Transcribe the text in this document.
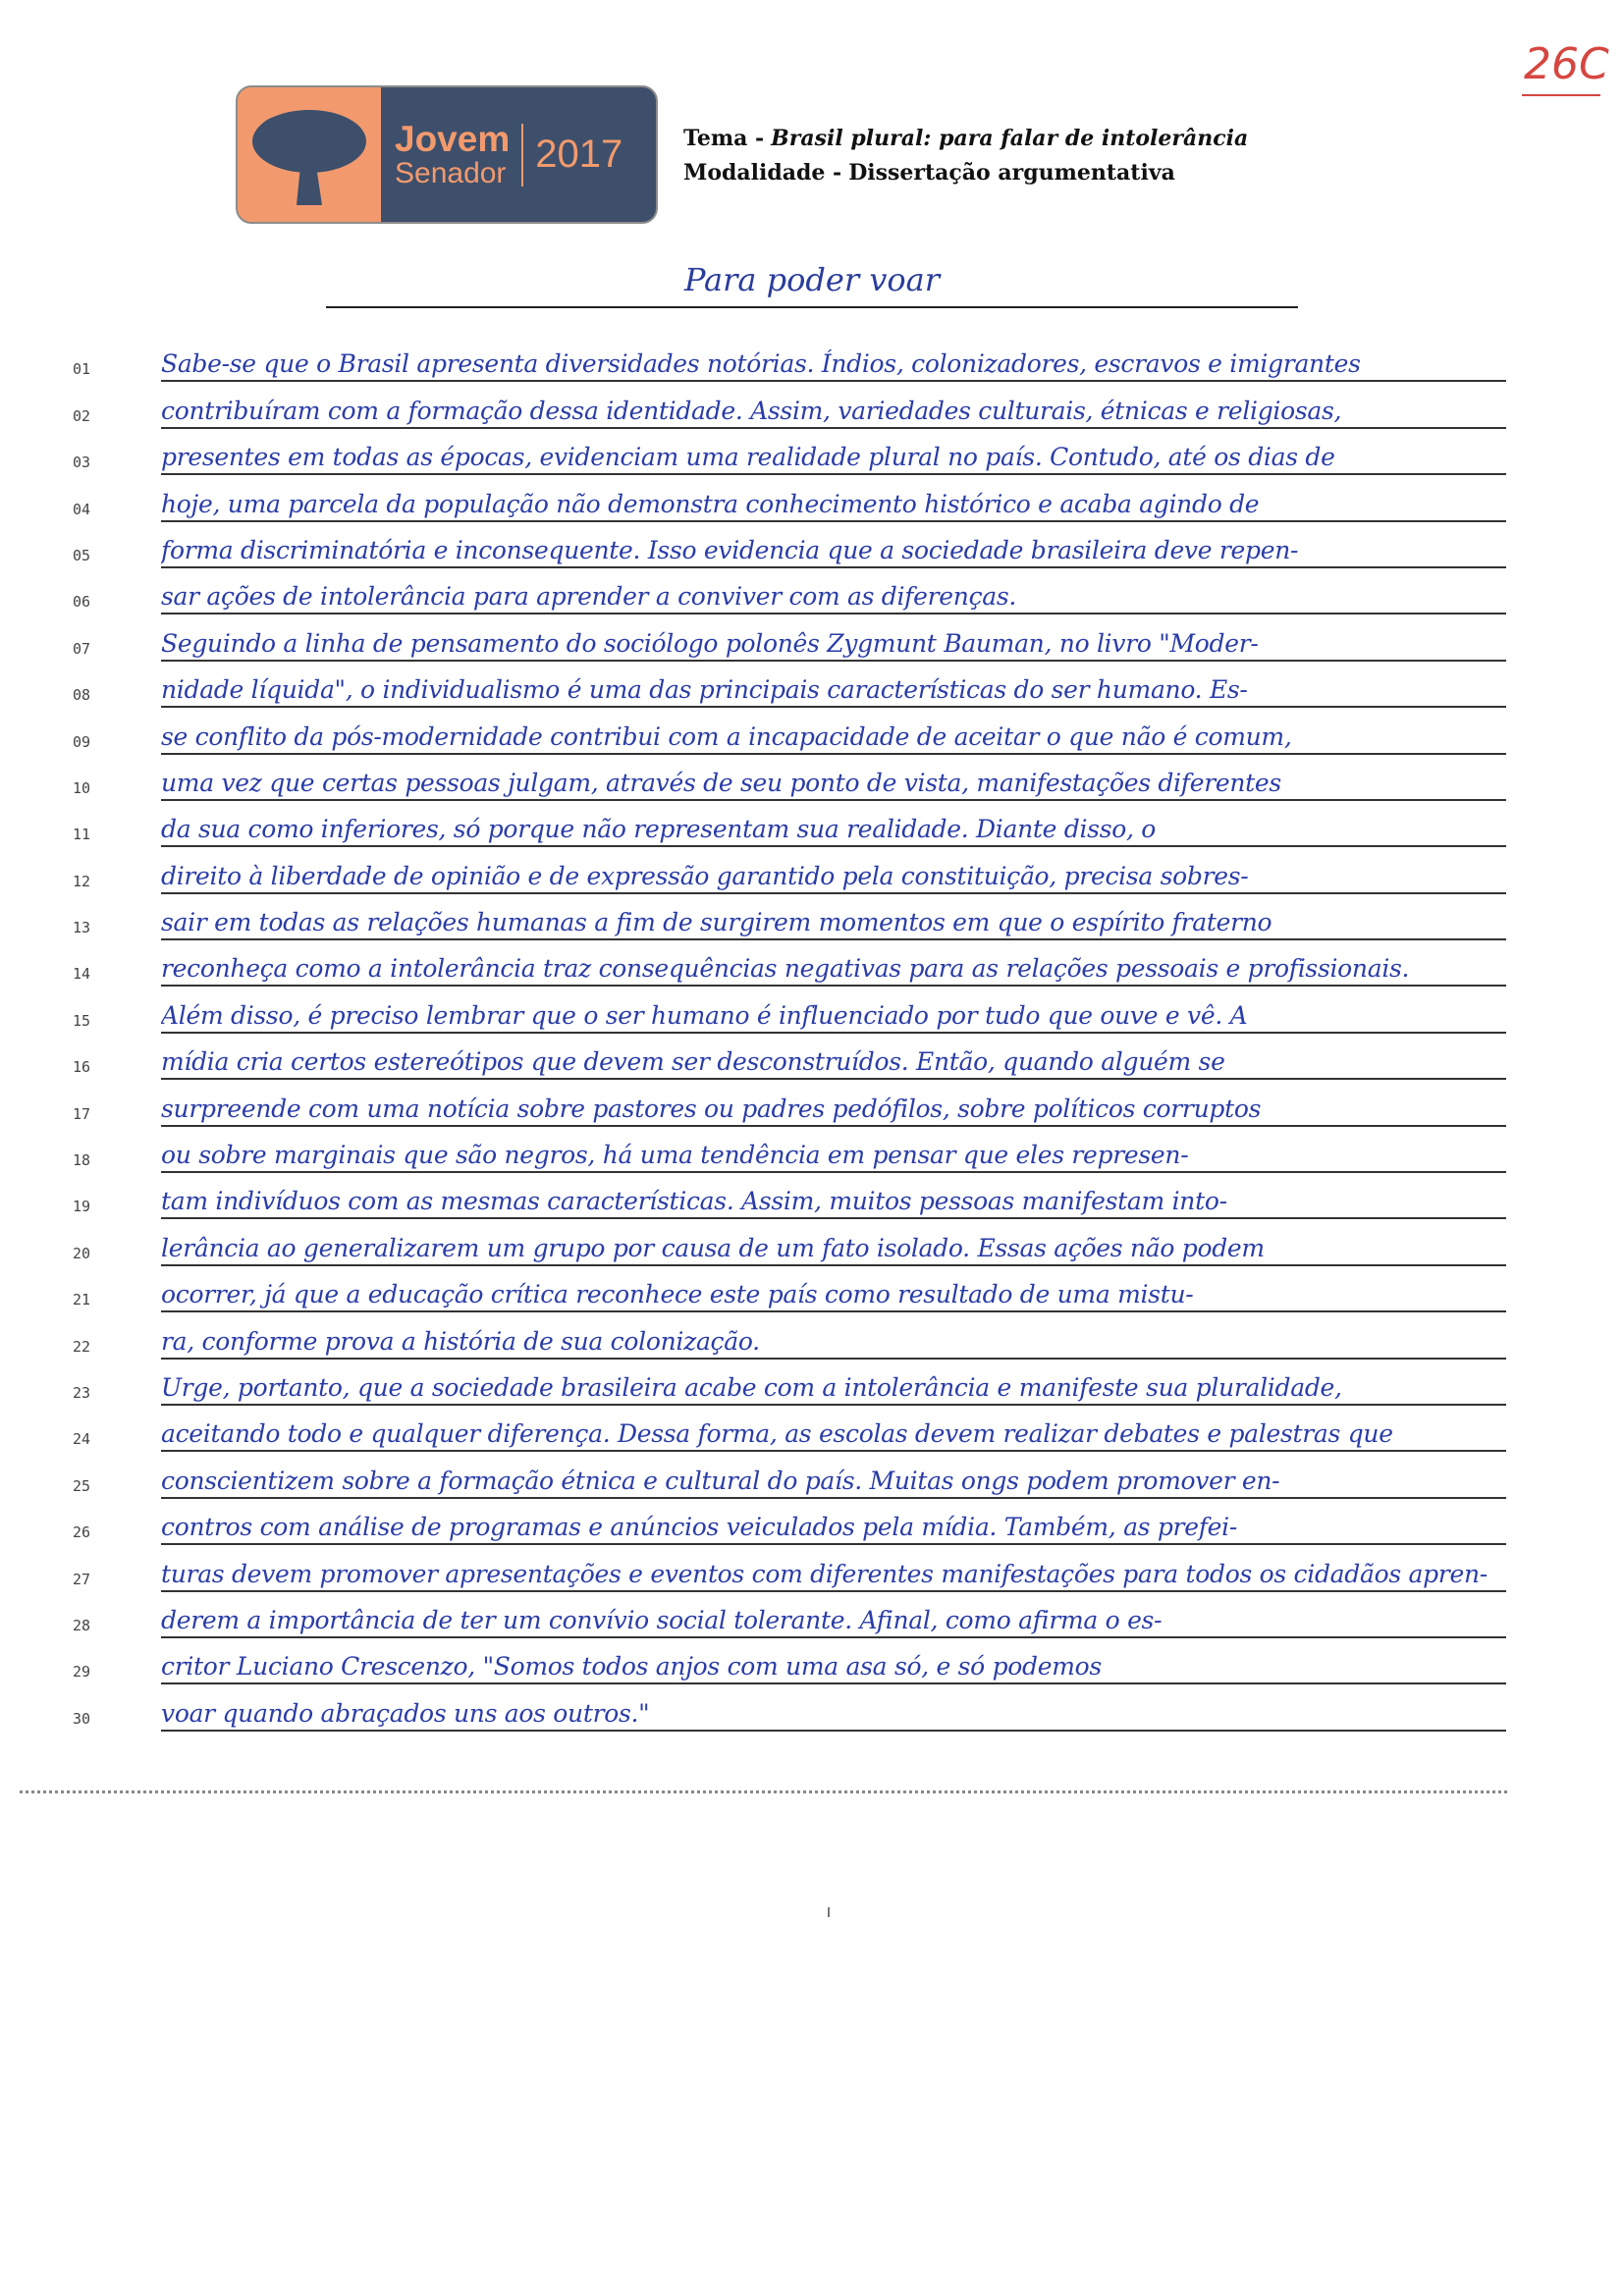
26C
Jovem
Senador 2017	Tema - Brasil plural: para falar de intolerância
Modalidade - Dissertação argumentativa
Para poder voar
01	Sabe-se que o Brasil apresenta diversidades notórias. Índios, colonizadores, escravos e imigrantes
02	contribuíram com a formação dessa identidade. Assim, variedades culturais, étnicas e religiosas,
03	presentes em todas as épocas, evidenciam uma realidade plural no país. Contudo, até os dias de
04	hoje, uma parcela da população não demonstra conhecimento histórico e acaba agindo de
05	forma discriminatória e inconsequente. Isso evidencia que a sociedade brasileira deve repen-
06	sar ações de intolerância para aprender a conviver com as diferenças.
07	Seguindo a linha de pensamento do sociólogo polonês Zygmunt Bauman, no livro "Moder-
08	nidade líquida", o individualismo é uma das principais características do ser humano. Es-
09	se conflito da pós-modernidade contribui com a incapacidade de aceitar o que não é comum,
10	uma vez que certas pessoas julgam, através de seu ponto de vista, manifestações diferentes
11	da sua como inferiores, só porque não representam sua realidade. Diante disso, o
12	direito à liberdade de opinião e de expressão garantido pela constituição, precisa sobres-
13	sair em todas as relações humanas a fim de surgirem momentos em que o espírito fraterno
14	reconheça como a intolerância traz consequências negativas para as relações pessoais e profissionais.
15	Além disso, é preciso lembrar que o ser humano é influenciado por tudo que ouve e vê. A
16	mídia cria certos estereótipos que devem ser desconstruídos. Então, quando alguém se
17	surpreende com uma notícia sobre pastores ou padres pedófilos, sobre políticos corruptos
18	ou sobre marginais que são negros, há uma tendência em pensar que eles represen-
19	tam indivíduos com as mesmas características. Assim, muitos pessoas manifestam into-
20	lerância ao generalizarem um grupo por causa de um fato isolado. Essas ações não podem
21	ocorrer, já que a educação crítica reconhece este país como resultado de uma mistu-
22	ra, conforme prova a história de sua colonização.
23	Urge, portanto, que a sociedade brasileira acabe com a intolerância e manifeste sua pluralidade,
24	aceitando todo e qualquer diferença. Dessa forma, as escolas devem realizar debates e palestras que
25	conscientizem sobre a formação étnica e cultural do país. Muitas ongs podem promover en-
26	contros com análise de programas e anúncios veiculados pela mídia. Também, as prefei-
27	turas devem promover apresentações e eventos com diferentes manifestações para todos os cidadãos apren-
28	derem a importância de ter um convívio social tolerante. Afinal, como afirma o es-
29	critor Luciano Crescenzo, "Somos todos anjos com uma asa só, e só podemos
30	voar quando abraçados uns aos outros."
